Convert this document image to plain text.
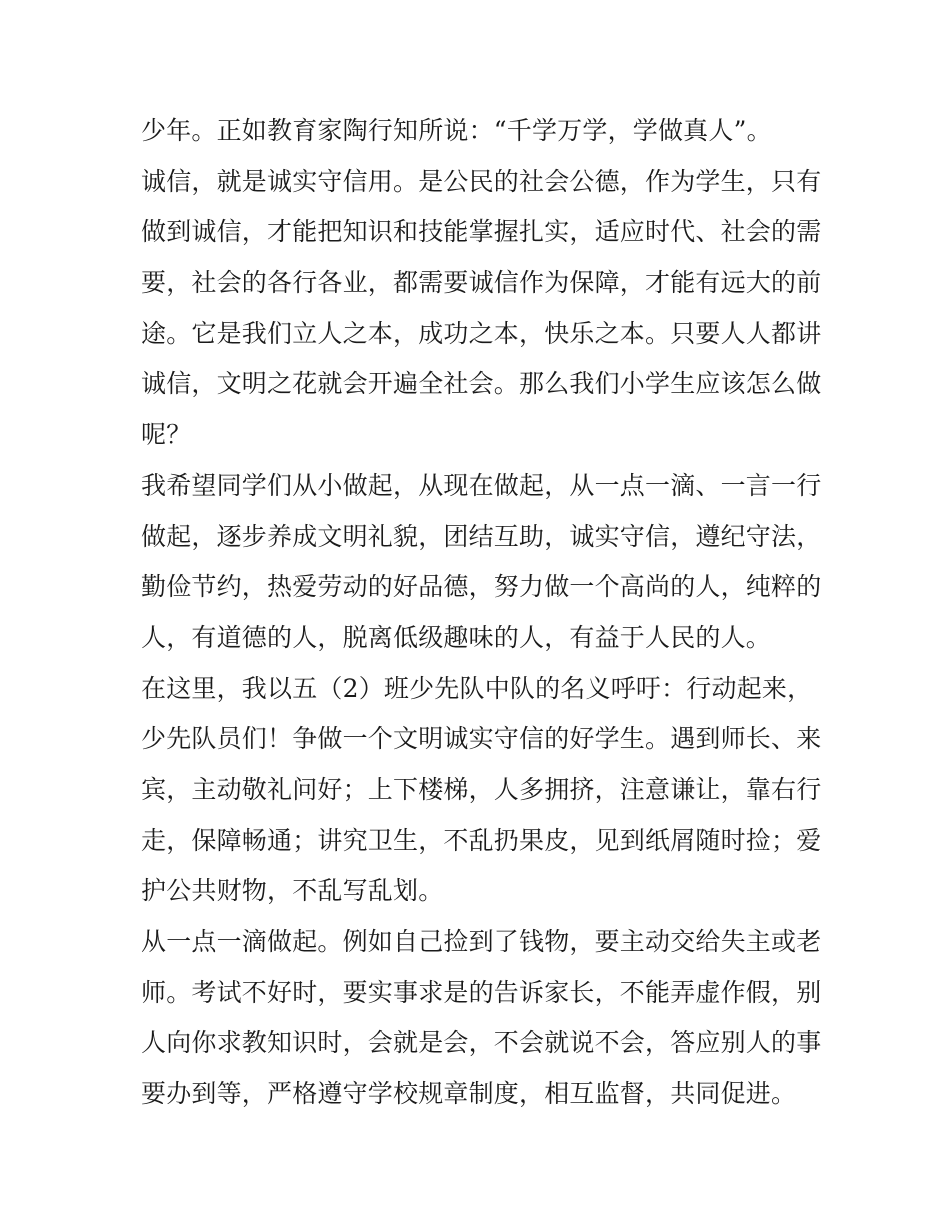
少年。正如教育家陶行知所说：“千学万学，学做真人”。
诚信，就是诚实守信用。是公民的社会公德，作为学生，只有
做到诚信，才能把知识和技能掌握扎实，适应时代、社会的需
要，社会的各行各业，都需要诚信作为保障，才能有远大的前
途。它是我们立人之本，成功之本，快乐之本。只要人人都讲
诚信，文明之花就会开遍全社会。那么我们小学生应该怎么做
呢？
我希望同学们从小做起，从现在做起，从一点一滴、一言一行
做起，逐步养成文明礼貌，团结互助，诚实守信，遵纪守法，
勤俭节约，热爱劳动的好品德，努力做一个高尚的人，纯粹的
人，有道德的人，脱离低级趣味的人，有益于人民的人。
在这里，我以五（2）班少先队中队的名义呼吁：行动起来，
少先队员们！争做一个文明诚实守信的好学生。遇到师长、来
宾，主动敬礼问好；上下楼梯，人多拥挤，注意谦让，靠右行
走，保障畅通；讲究卫生，不乱扔果皮，见到纸屑随时捡；爱
护公共财物，不乱写乱划。
从一点一滴做起。例如自己捡到了钱物，要主动交给失主或老
师。考试不好时，要实事求是的告诉家长，不能弄虚作假，别
人向你求教知识时，会就是会，不会就说不会，答应别人的事
要办到等，严格遵守学校规章制度，相互监督，共同促进。
